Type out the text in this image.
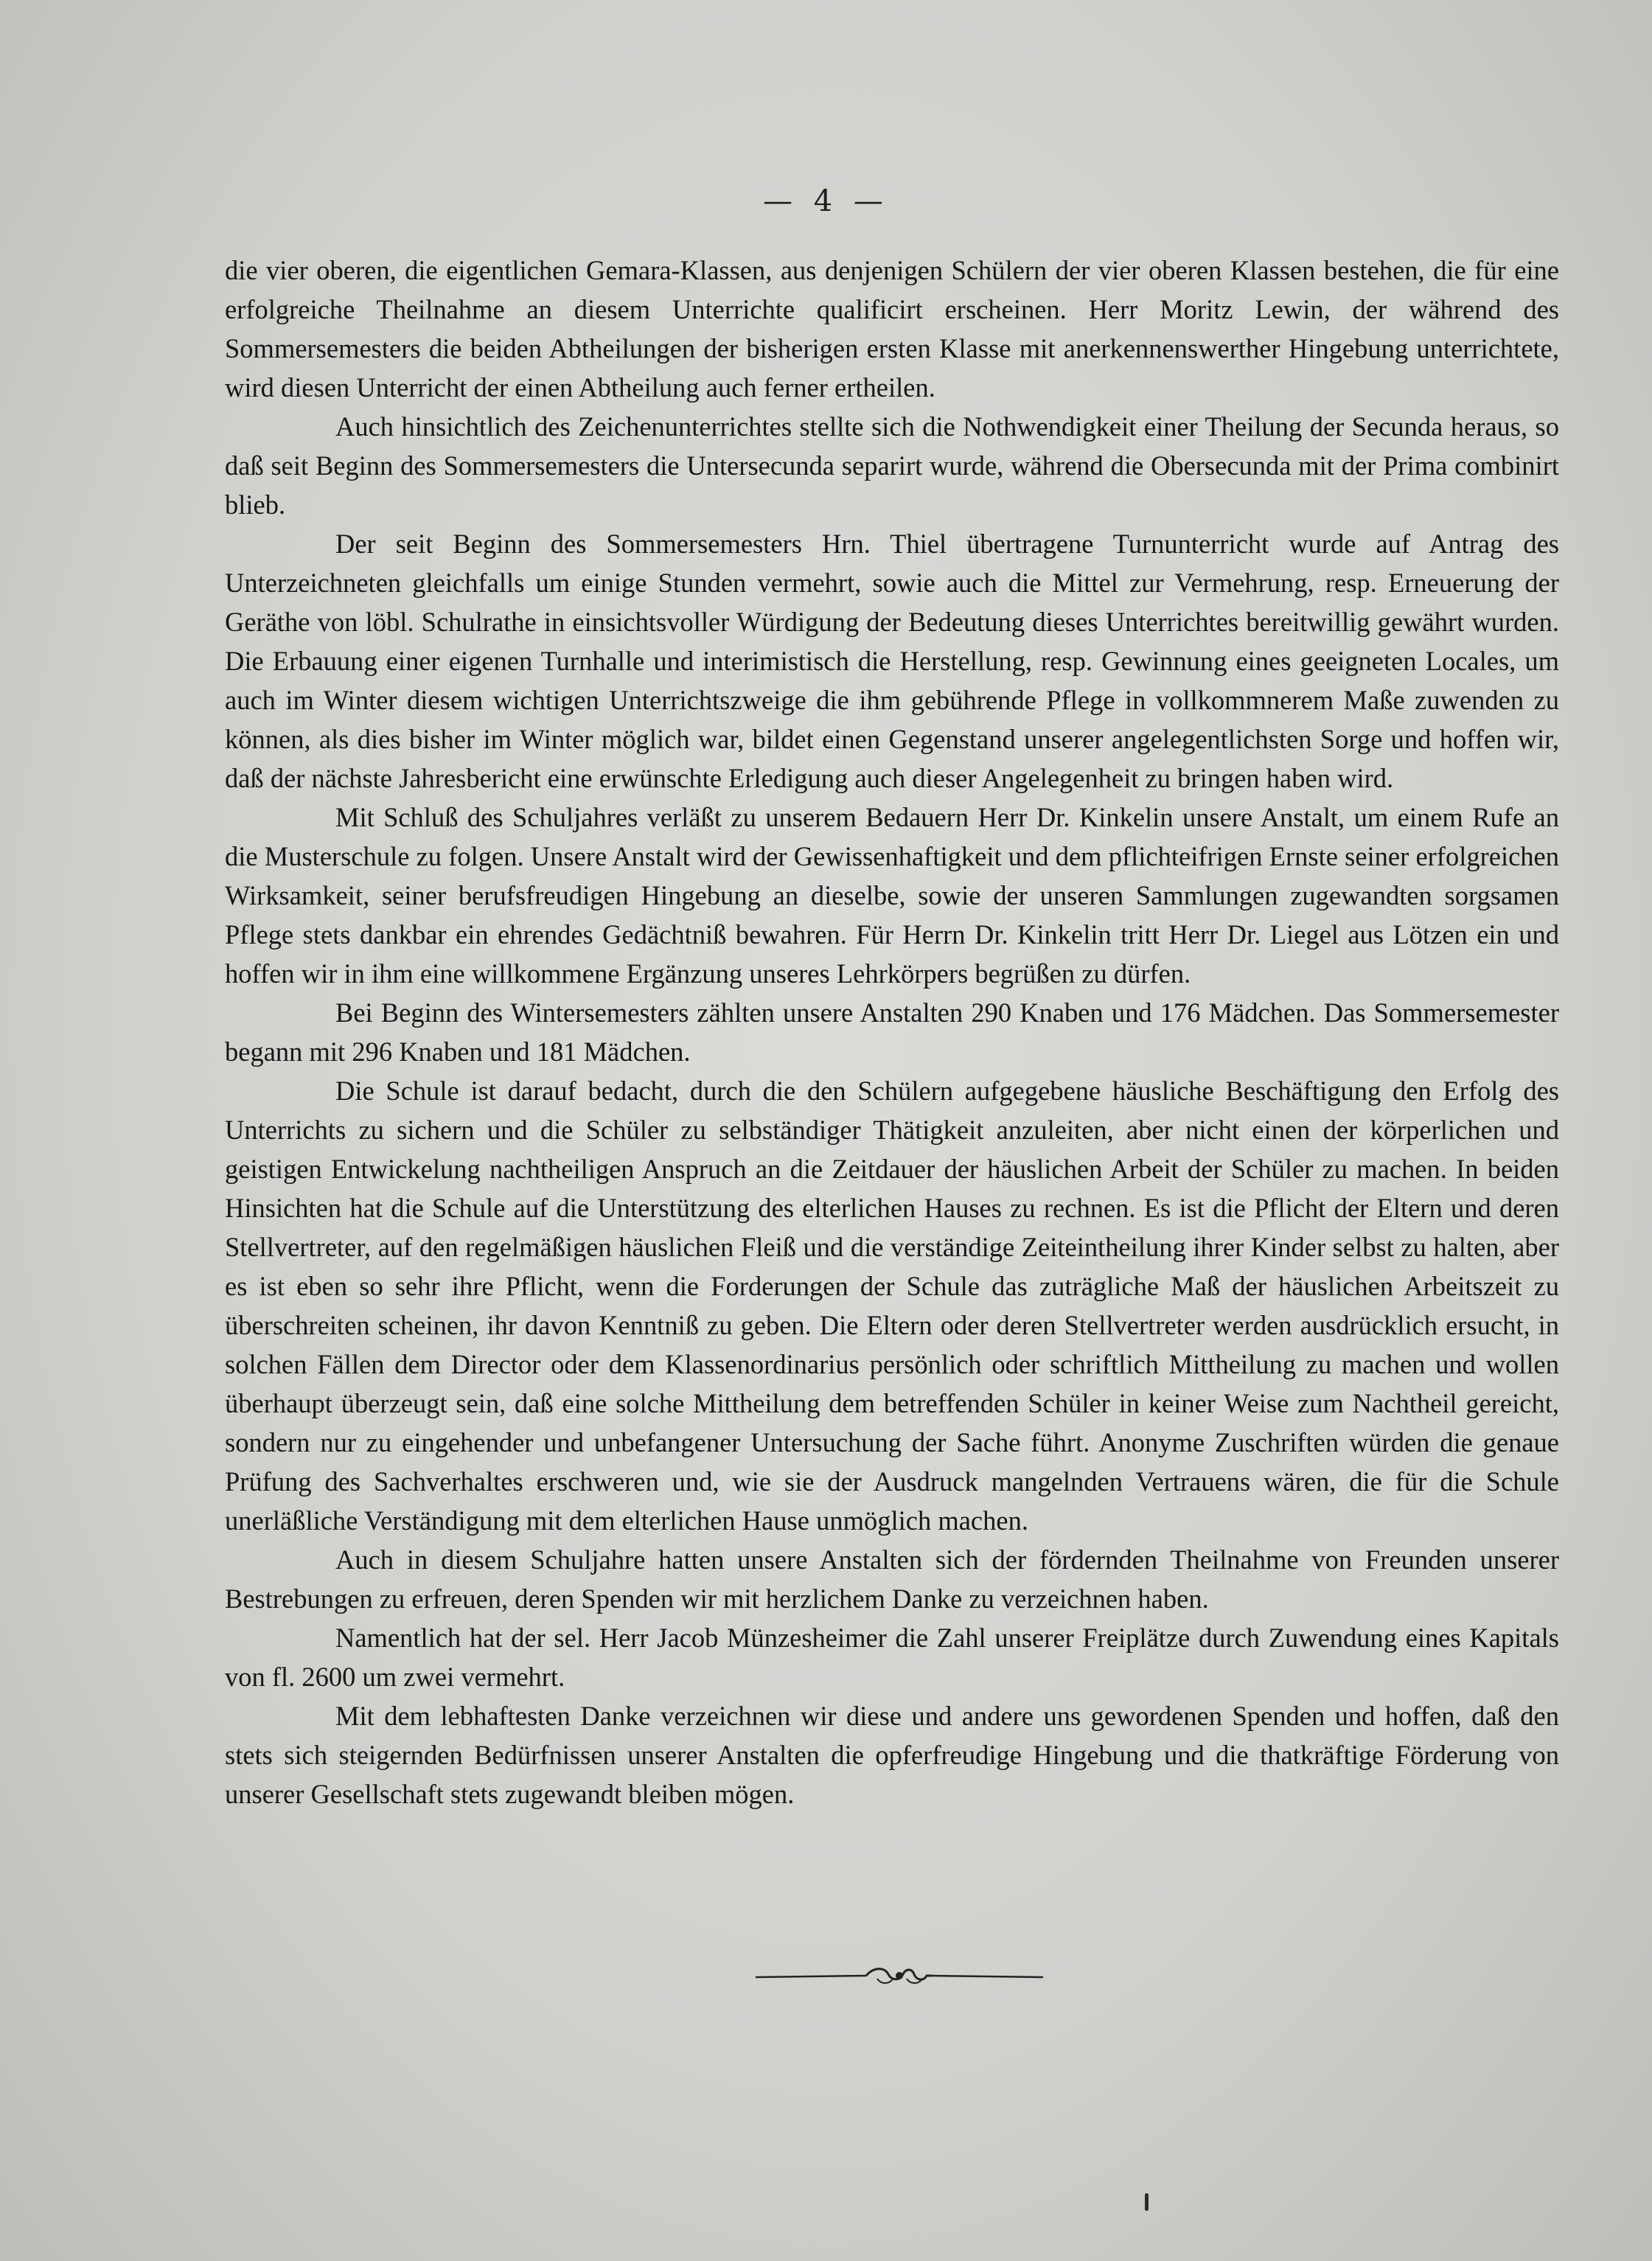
— 4 —

die vier oberen, die eigentlichen Gemara-Klassen, aus denjenigen Schülern der vier oberen Klassen bestehen, die für eine erfolgreiche Theilnahme an diesem Unterrichte qualificirt erscheinen. Herr Moritz Lewin, der während des Sommersemesters die beiden Abtheilungen der bisherigen ersten Klasse mit anerkennenswerther Hingebung unterrichtete, wird diesen Unterricht der einen Abtheilung auch ferner ertheilen.

Auch hinsichtlich des Zeichenunterrichtes stellte sich die Nothwendigkeit einer Theilung der Secunda heraus, so daß seit Beginn des Sommersemesters die Untersecunda separirt wurde, während die Obersecunda mit der Prima combinirt blieb.

Der seit Beginn des Sommersemesters Hrn. Thiel übertragene Turnunterricht wurde auf Antrag des Unterzeichneten gleichfalls um einige Stunden vermehrt, sowie auch die Mittel zur Vermehrung, resp. Erneuerung der Geräthe von löbl. Schulrathe in einsichtsvoller Würdigung der Bedeutung dieses Unterrichtes bereitwillig gewährt wurden. Die Erbauung einer eigenen Turnhalle und interimistisch die Herstellung, resp. Gewinnung eines geeigneten Locales, um auch im Winter diesem wichtigen Unterrichtszweige die ihm gebührende Pflege in vollkommnerem Maße zuwenden zu können, als dies bisher im Winter möglich war, bildet einen Gegenstand unserer angelegentlichsten Sorge und hoffen wir, daß der nächste Jahresbericht eine erwünschte Erledigung auch dieser Angelegenheit zu bringen haben wird.

Mit Schluß des Schuljahres verläßt zu unserem Bedauern Herr Dr. Kinkelin unsere Anstalt, um einem Rufe an die Musterschule zu folgen. Unsere Anstalt wird der Gewissenhaftigkeit und dem pflichteifrigen Ernste seiner erfolgreichen Wirksamkeit, seiner berufsfreudigen Hingebung an dieselbe, sowie der unseren Sammlungen zugewandten sorgsamen Pflege stets dankbar ein ehrendes Gedächtniß bewahren. Für Herrn Dr. Kinkelin tritt Herr Dr. Liegel aus Lötzen ein und hoffen wir in ihm eine willkommene Ergänzung unseres Lehrkörpers begrüßen zu dürfen.

Bei Beginn des Wintersemesters zählten unsere Anstalten 290 Knaben und 176 Mädchen. Das Sommersemester begann mit 296 Knaben und 181 Mädchen.

Die Schule ist darauf bedacht, durch die den Schülern aufgegebene häusliche Beschäftigung den Erfolg des Unterrichts zu sichern und die Schüler zu selbständiger Thätigkeit anzuleiten, aber nicht einen der körperlichen und geistigen Entwickelung nachtheiligen Anspruch an die Zeitdauer der häuslichen Arbeit der Schüler zu machen. In beiden Hinsichten hat die Schule auf die Unterstützung des elterlichen Hauses zu rechnen. Es ist die Pflicht der Eltern und deren Stellvertreter, auf den regelmäßigen häuslichen Fleiß und die verständige Zeiteintheilung ihrer Kinder selbst zu halten, aber es ist eben so sehr ihre Pflicht, wenn die Forderungen der Schule das zuträgliche Maß der häuslichen Arbeitszeit zu überschreiten scheinen, ihr davon Kenntniß zu geben. Die Eltern oder deren Stellvertreter werden ausdrücklich ersucht, in solchen Fällen dem Director oder dem Klassenordinarius persönlich oder schriftlich Mittheilung zu machen und wollen überhaupt überzeugt sein, daß eine solche Mittheilung dem betreffenden Schüler in keiner Weise zum Nachtheil gereicht, sondern nur zu eingehender und unbefangener Untersuchung der Sache führt. Anonyme Zuschriften würden die genaue Prüfung des Sachverhaltes erschweren und, wie sie der Ausdruck mangelnden Vertrauens wären, die für die Schule unerläßliche Verständigung mit dem elterlichen Hause unmöglich machen.

Auch in diesem Schuljahre hatten unsere Anstalten sich der fördernden Theilnahme von Freunden unserer Bestrebungen zu erfreuen, deren Spenden wir mit herzlichem Danke zu verzeichnen haben.

Namentlich hat der sel. Herr Jacob Münzesheimer die Zahl unserer Freiplätze durch Zuwendung eines Kapitals von fl. 2600 um zwei vermehrt.

Mit dem lebhaftesten Danke verzeichnen wir diese und andere uns gewordenen Spenden und hoffen, daß den stets sich steigernden Bedürfnissen unserer Anstalten die opferfreudige Hingebung und die thatkräftige Förderung von unserer Gesellschaft stets zugewandt bleiben mögen.
